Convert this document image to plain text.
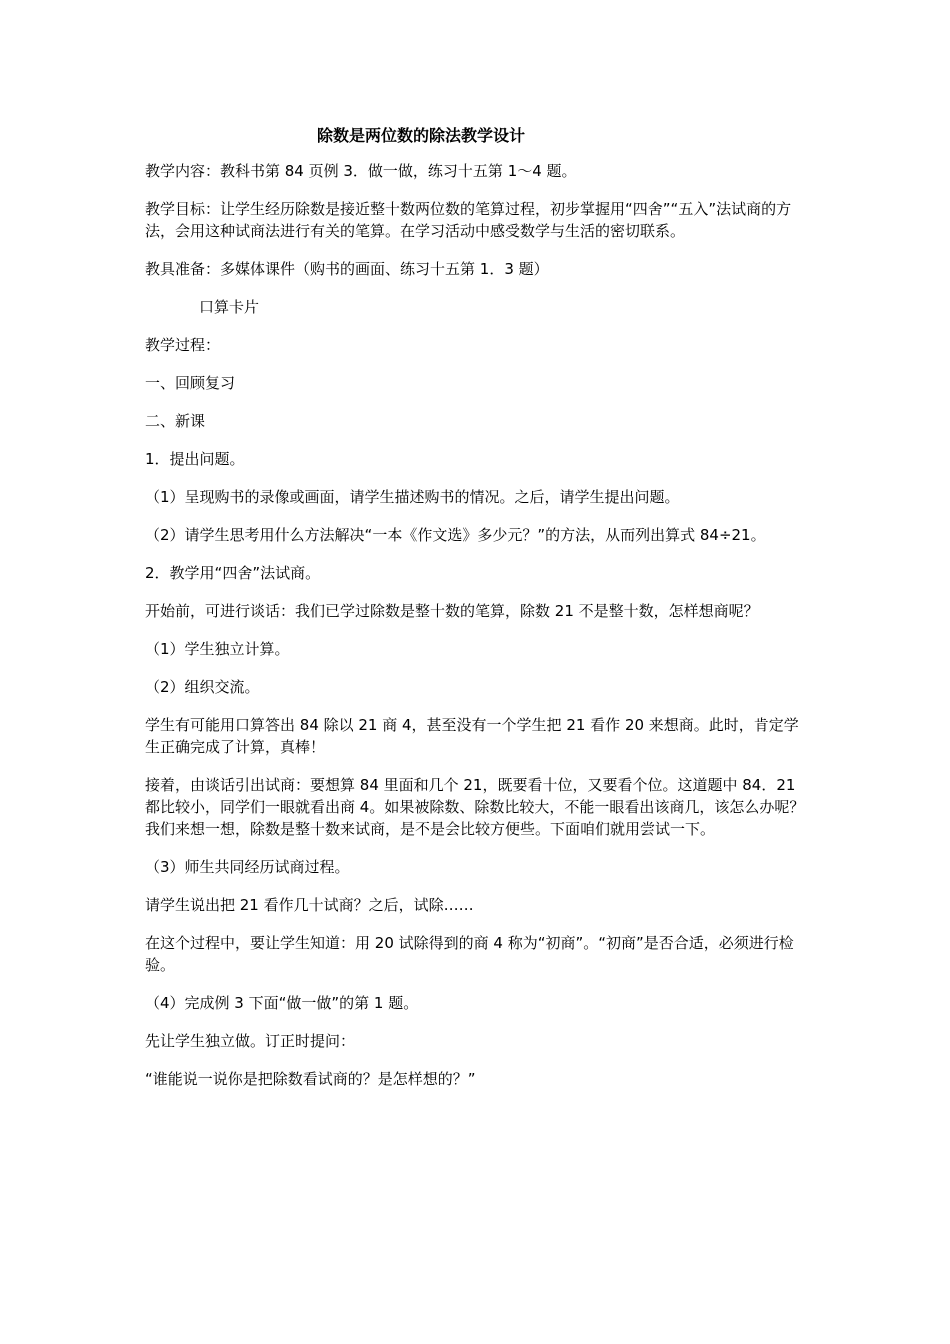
除数是两位数的除法教学设计

教学内容：教科书第 84 页例 3．做一做，练习十五第 1～4 题。

教学目标：让学生经历除数是接近整十数两位数的笔算过程，初步掌握用“四舍”“五入”法试商的方法，会用这种试商法进行有关的笔算。在学习活动中感受数学与生活的密切联系。

教具准备：多媒体课件（购书的画面、练习十五第 1．3 题）

口算卡片

教学过程：

一、回顾复习

二、新课

1．提出问题。

（1）呈现购书的录像或画面，请学生描述购书的情况。之后，请学生提出问题。

（2）请学生思考用什么方法解决“一本《作文选》多少元？”的方法，从而列出算式 84÷21。

2．教学用“四舍”法试商。

开始前，可进行谈话：我们已学过除数是整十数的笔算，除数 21 不是整十数，怎样想商呢？

（1）学生独立计算。

（2）组织交流。

学生有可能用口算答出 84 除以 21 商 4，甚至没有一个学生把 21 看作 20 来想商。此时，肯定学生正确完成了计算，真棒！

接着，由谈话引出试商：要想算 84 里面和几个 21，既要看十位，又要看个位。这道题中 84．21 都比较小，同学们一眼就看出商 4。如果被除数、除数比较大，不能一眼看出该商几，该怎么办呢？我们来想一想，除数是整十数来试商，是不是会比较方便些。下面咱们就用尝试一下。

（3）师生共同经历试商过程。

请学生说出把 21 看作几十试商？之后，试除……

在这个过程中，要让学生知道：用 20 试除得到的商 4 称为“初商”。“初商”是否合适，必须进行检验。

（4）完成例 3 下面“做一做”的第 1 题。

先让学生独立做。订正时提问：

“谁能说一说你是把除数看试商的？是怎样想的？”
